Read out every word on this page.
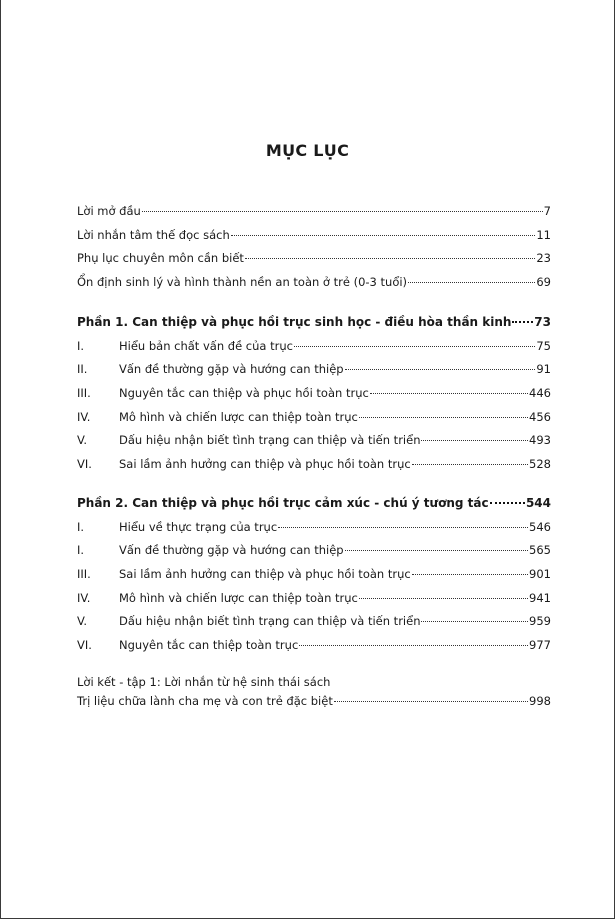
MỤC LỤC
Lời mở đầu	7
Lời nhắn tâm thế đọc sách	11
Phụ lục chuyên môn cần biết	23
Ổn định sinh lý và hình thành nền an toàn ở trẻ (0-3 tuổi)	69
Phần 1. Can thiệp và phục hồi trục sinh học - điều hòa thần kinh 73
I.	Hiểu bản chất vấn đề của trục	75
II.	Vấn đề thường gặp và hướng can thiệp	91
III.	Nguyên tắc can thiệp và phục hồi toàn trục	446
IV.	Mô hình và chiến lược can thiệp toàn trục	456
V.	Dấu hiệu nhận biết tình trạng can thiệp và tiến triển	493
VI.	Sai lầm ảnh hưởng can thiệp và phục hồi toàn trục	528
Phần 2. Can thiệp và phục hồi trục cảm xúc - chú ý tương tác	544
I.	Hiểu về thực trạng của trục	546
I.	Vấn đề thường gặp và hướng can thiệp	565
III.	Sai lầm ảnh hưởng can thiệp và phục hồi toàn trục	901
IV.	Mô hình và chiến lược can thiệp toàn trục	941
V.	Dấu hiệu nhận biết tình trạng can thiệp và tiến triển	959
VI.	Nguyên tắc can thiệp toàn trục	977
Lời kết - tập 1: Lời nhắn từ hệ sinh thái sách
Trị liệu chữa lành cha mẹ và con trẻ đặc biệt	998
